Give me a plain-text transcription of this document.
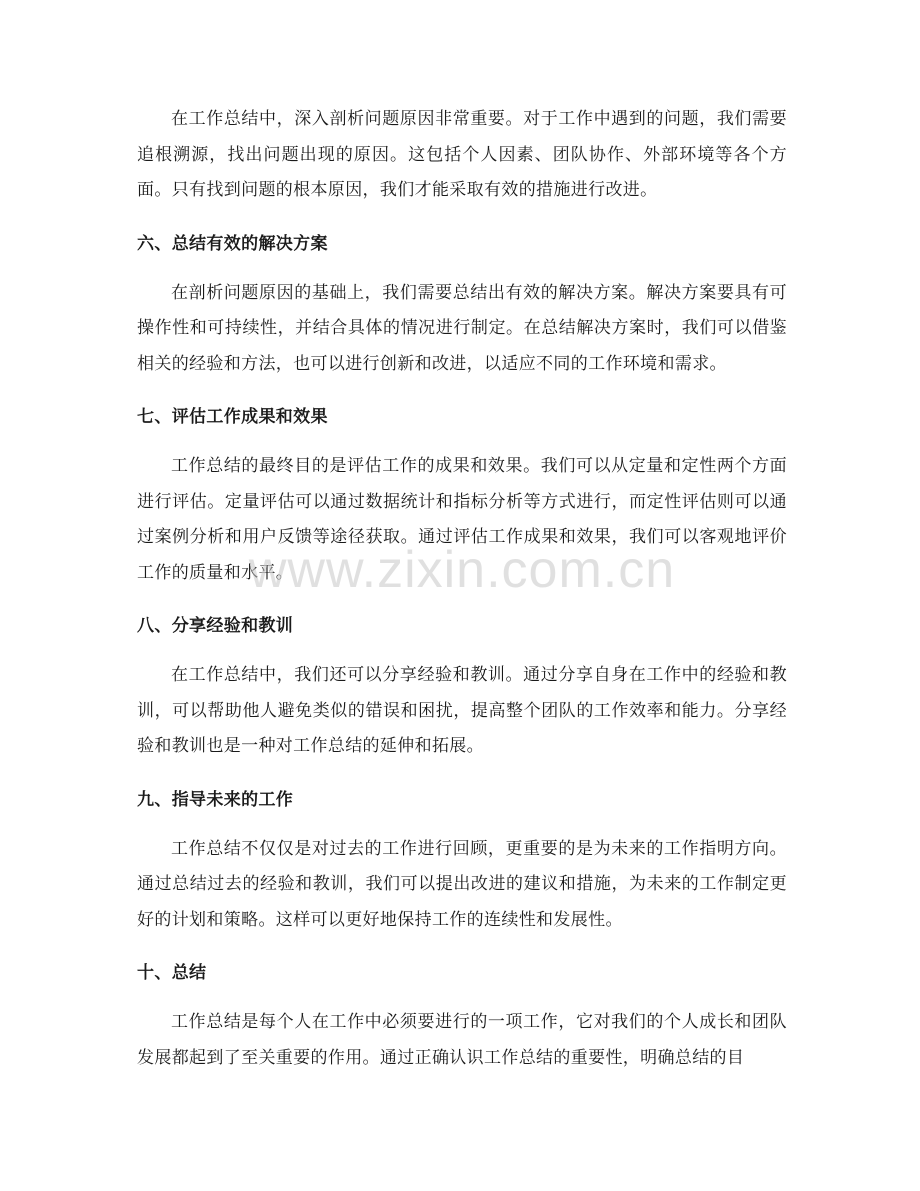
在工作总结中，深入剖析问题原因非常重要。对于工作中遇到的问题，我们需要追根溯源，找出问题出现的原因。这包括个人因素、团队协作、外部环境等各个方面。只有找到问题的根本原因，我们才能采取有效的措施进行改进。

六、总结有效的解决方案

在剖析问题原因的基础上，我们需要总结出有效的解决方案。解决方案要具有可操作性和可持续性，并结合具体的情况进行制定。在总结解决方案时，我们可以借鉴相关的经验和方法，也可以进行创新和改进，以适应不同的工作环境和需求。

七、评估工作成果和效果

工作总结的最终目的是评估工作的成果和效果。我们可以从定量和定性两个方面进行评估。定量评估可以通过数据统计和指标分析等方式进行，而定性评估则可以通过案例分析和用户反馈等途径获取。通过评估工作成果和效果，我们可以客观地评价工作的质量和水平。

八、分享经验和教训

在工作总结中，我们还可以分享经验和教训。通过分享自身在工作中的经验和教训，可以帮助他人避免类似的错误和困扰，提高整个团队的工作效率和能力。分享经验和教训也是一种对工作总结的延伸和拓展。

九、指导未来的工作

工作总结不仅仅是对过去的工作进行回顾，更重要的是为未来的工作指明方向。通过总结过去的经验和教训，我们可以提出改进的建议和措施，为未来的工作制定更好的计划和策略。这样可以更好地保持工作的连续性和发展性。

十、总结

工作总结是每个人在工作中必须要进行的一项工作，它对我们的个人成长和团队发展都起到了至关重要的作用。通过正确认识工作总结的重要性，明确总结的目

www.zixin.com.cn
